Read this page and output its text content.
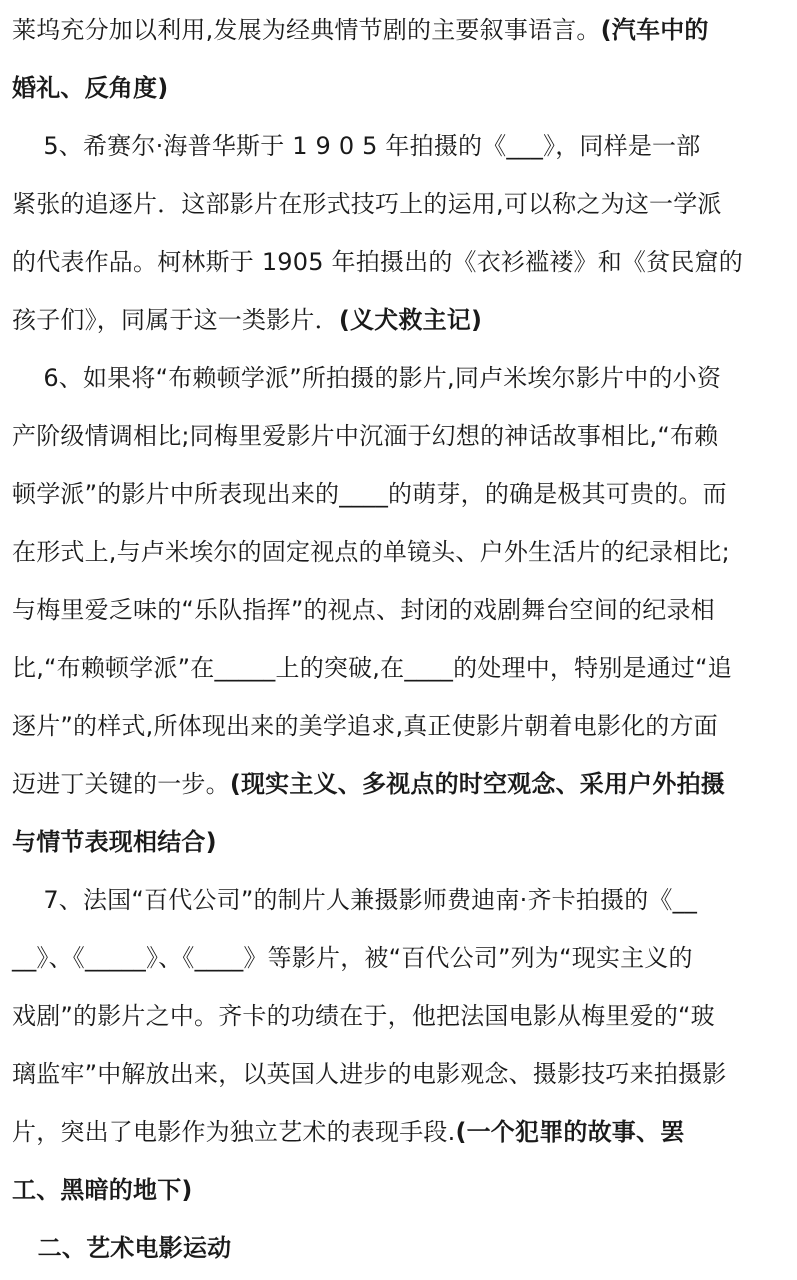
莱坞充分加以利用,发展为经典情节剧的主要叙事语言。(汽车中的
婚礼、反角度)
5、希赛尔·海普华斯于 1 9 0 5 年拍摄的《___》，同样是一部
紧张的追逐片．这部影片在形式技巧上的运用,可以称之为这一学派
的代表作品。柯林斯于 1905 年拍摄出的《衣衫褴褛》和《贫民窟的
孩子们》，同属于这一类影片．(义犬救主记)
6、如果将“布赖顿学派”所拍摄的影片,同卢米埃尔影片中的小资
产阶级情调相比;同梅里爱影片中沉湎于幻想的神话故事相比,“布赖
顿学派”的影片中所表现出来的____的萌芽，的确是极其可贵的。而
在形式上,与卢米埃尔的固定视点的单镜头、户外生活片的纪录相比;
与梅里爱乏味的“乐队指挥”的视点、封闭的戏剧舞台空间的纪录相
比,“布赖顿学派”在_____上的突破,在____的处理中，特别是通过“追
逐片”的样式,所体现出来的美学追求,真正使影片朝着电影化的方面
迈进丁关键的一步。(现实主义、多视点的时空观念、采用户外拍摄
与情节表现相结合)
7、法国“百代公司”的制片人兼摄影师费迪南·齐卡拍摄的《__
__》、《_____》、《____》等影片，被“百代公司”列为“现实主义的
戏剧”的影片之中。齐卡的功绩在于，他把法国电影从梅里爱的“玻
璃监牢”中解放出来，以英国人进步的电影观念、摄影技巧来拍摄影
片，突出了电影作为独立艺术的表现手段.(一个犯罪的故事、罢
工、黑暗的地下)
二、艺术电影运动
